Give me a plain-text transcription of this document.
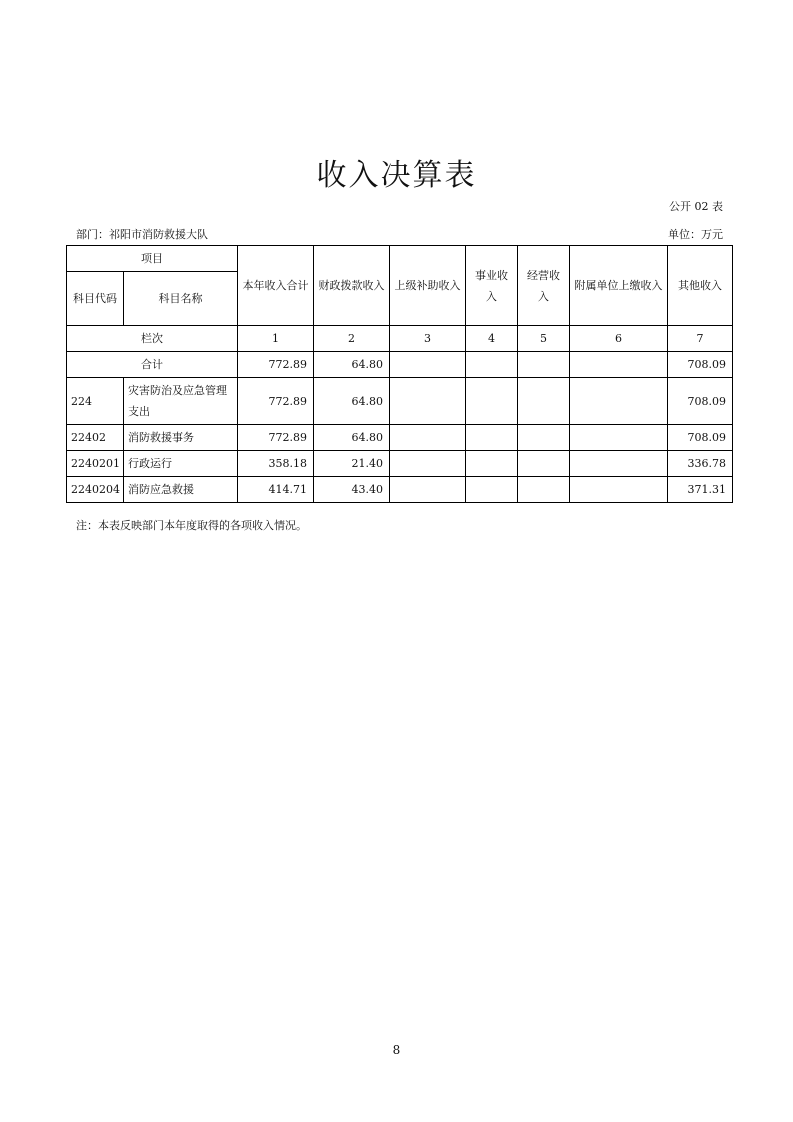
收入决算表
公开 02 表
部门：祁阳市消防救援大队	单位：万元
项目		本年收入合计	财政拨款收入	上级补助收入	事业收入	经营收入	附属单位上缴收入	其他收入
科目代码	科目名称							
栏次		1	2	3	4	5	6	7
合计		772.89	64.80					708.09
224	灾害防治及应急管理支出	772.89	64.80					708.09
22402	消防救援事务	772.89	64.80					708.09
2240201	行政运行	358.18	21.40					336.78
2240204	消防应急救援	414.71	43.40					371.31
注：本表反映部门本年度取得的各项收入情况。
8
